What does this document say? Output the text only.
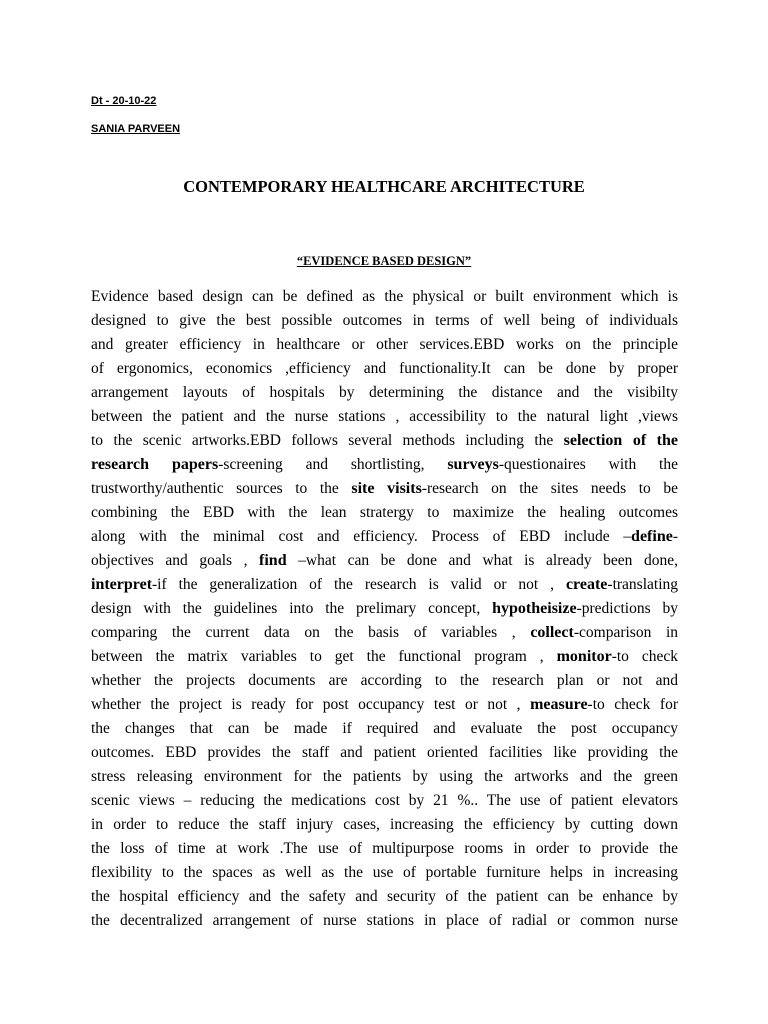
Dt - 20-10-22
SANIA PARVEEN
CONTEMPORARY HEALTHCARE ARCHITECTURE
“EVIDENCE BASED DESIGN”
Evidence based design can be defined as the physical or built environment which is
designed to give the best possible outcomes in terms of well being of individuals
and greater efficiency in healthcare or other services.EBD works on the principle
of ergonomics, economics ,efficiency and functionality.It can be done by proper
arrangement layouts of hospitals by determining the distance and the visibilty
between the patient and the nurse stations , accessibility to the natural light ,views
to the scenic artworks.EBD follows several methods including the selection of the
research papers-screening and shortlisting, surveys-questionaires with the
trustworthy/authentic sources to the site visits-research on the sites needs to be
combining the EBD with the lean stratergy to maximize the healing outcomes
along with the minimal cost and efficiency. Process of EBD include –define-
objectives and goals , find –what can be done and what is already been done,
interpret-if the generalization of the research is valid or not , create-translating
design with the guidelines into the prelimary concept, hypotheisize-predictions by
comparing the current data on the basis of variables , collect-comparison in
between the matrix variables to get the functional program , monitor-to check
whether the projects documents are according to the research plan or not and
whether the project is ready for post occupancy test or not , measure-to check for
the changes that can be made if required and evaluate the post occupancy
outcomes. EBD provides the staff and patient oriented facilities like providing the
stress releasing environment for the patients by using the artworks and the green
scenic views – reducing the medications cost by 21 %.. The use of patient elevators
in order to reduce the staff injury cases, increasing the efficiency by cutting down
the loss of time at work .The use of multipurpose rooms in order to provide the
flexibility to the spaces as well as the use of portable furniture helps in increasing
the hospital efficiency and the safety and security of the patient can be enhance by
the decentralized arrangement of nurse stations in place of radial or common nurse
